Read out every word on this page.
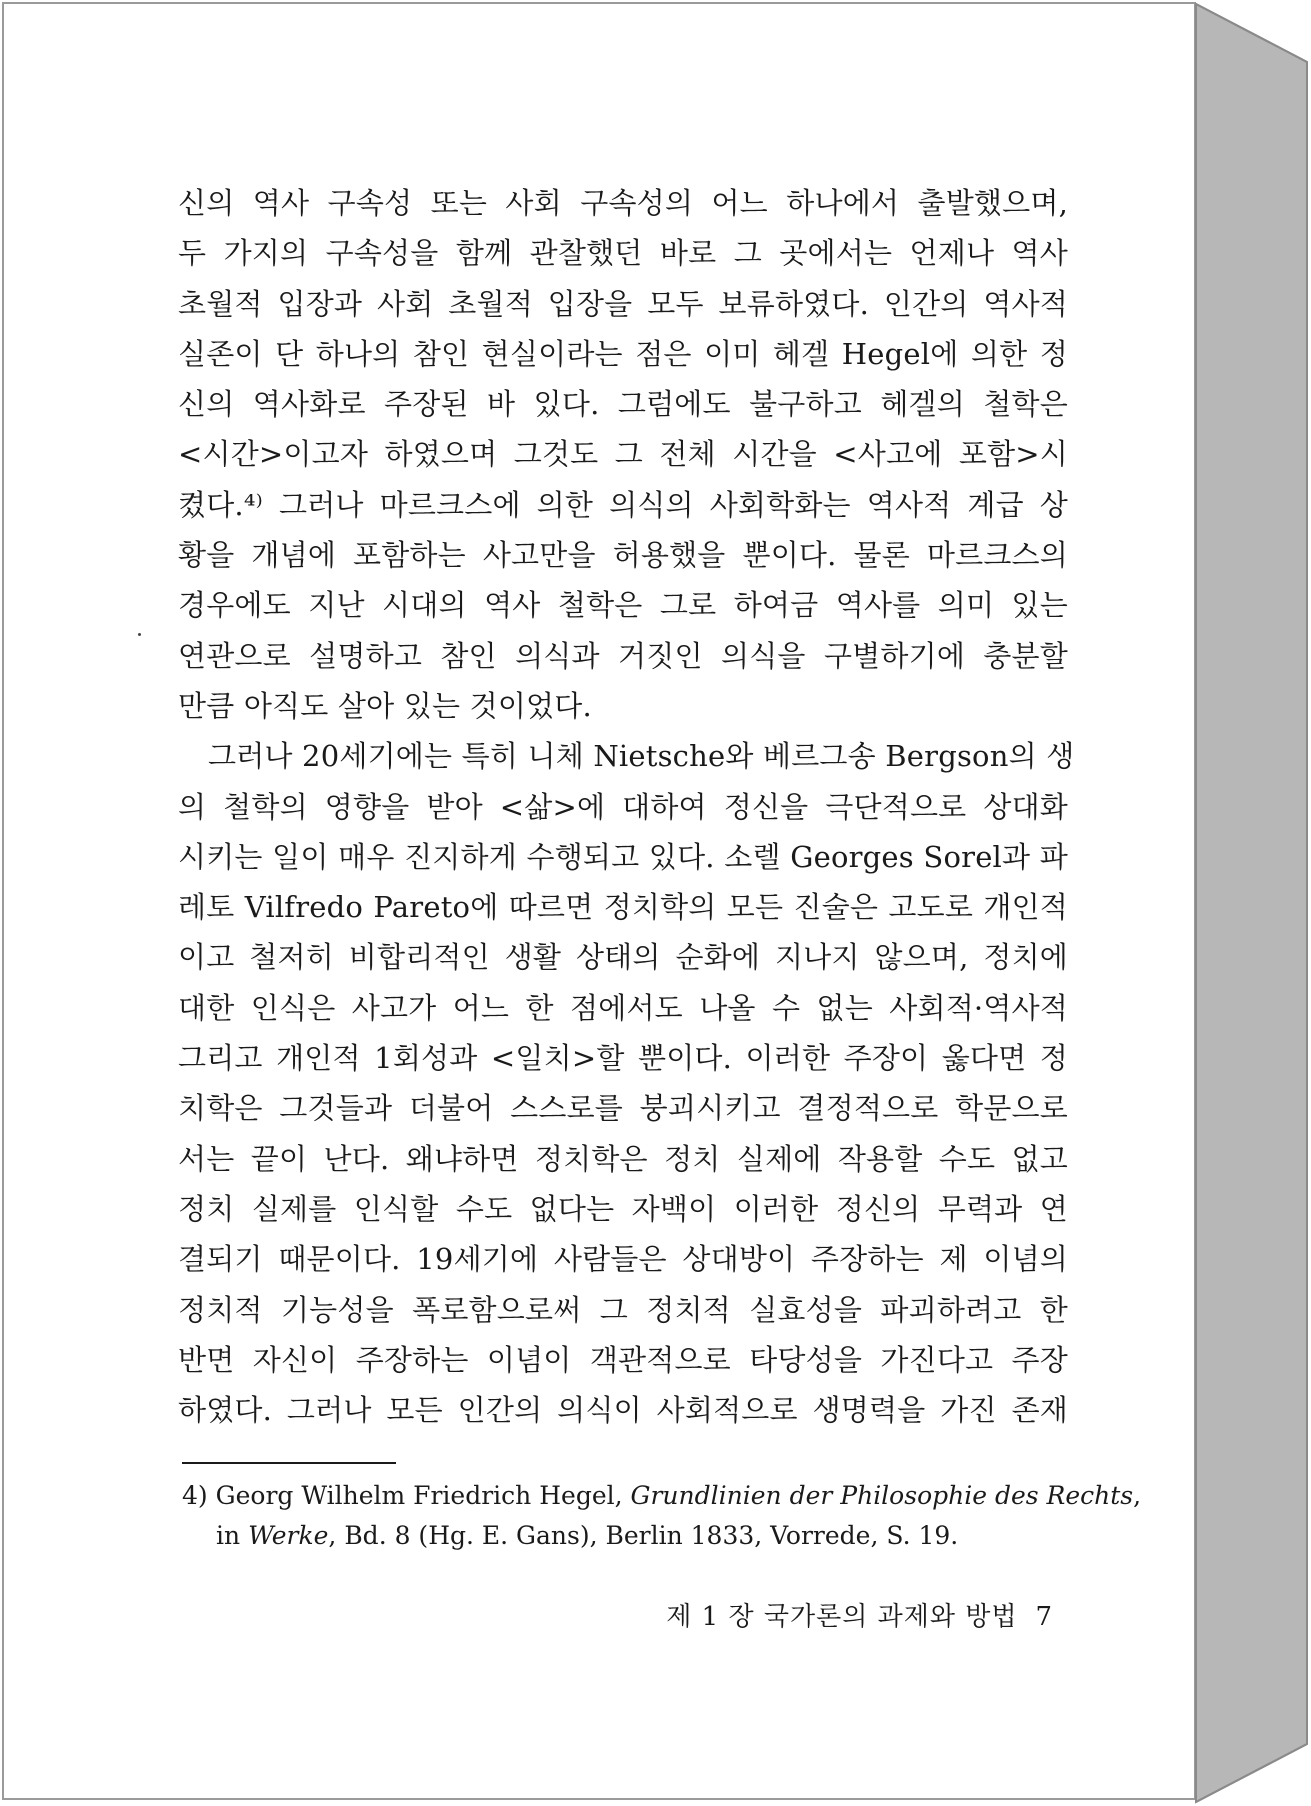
신의 역사 구속성 또는 사회 구속성의 어느 하나에서 출발했으며,
두 가지의 구속성을 함께 관찰했던 바로 그 곳에서는 언제나 역사
초월적 입장과 사회 초월적 입장을 모두 보류하였다. 인간의 역사적
실존이 단 하나의 참인 현실이라는 점은 이미 헤겔 Hegel에 의한 정
신의 역사화로 주장된 바 있다. 그럼에도 불구하고 헤겔의 철학은
<시간>이고자 하였으며 그것도 그 전체 시간을 <사고에 포함>시
켰다.⁴⁾ 그러나 마르크스에 의한 의식의 사회학화는 역사적 계급 상
황을 개념에 포함하는 사고만을 허용했을 뿐이다. 물론 마르크스의
경우에도 지난 시대의 역사 철학은 그로 하여금 역사를 의미 있는
연관으로 설명하고 참인 의식과 거짓인 의식을 구별하기에 충분할
만큼 아직도 살아 있는 것이었다.
그러나 20세기에는 특히 니체 Nietsche와 베르그송 Bergson의 생
의 철학의 영향을 받아 <삶>에 대하여 정신을 극단적으로 상대화
시키는 일이 매우 진지하게 수행되고 있다. 소렐 Georges Sorel과 파
레토 Vilfredo Pareto에 따르면 정치학의 모든 진술은 고도로 개인적
이고 철저히 비합리적인 생활 상태의 순화에 지나지 않으며, 정치에
대한 인식은 사고가 어느 한 점에서도 나올 수 없는 사회적·역사적
그리고 개인적 1회성과 <일치>할 뿐이다. 이러한 주장이 옳다면 정
치학은 그것들과 더불어 스스로를 붕괴시키고 결정적으로 학문으로
서는 끝이 난다. 왜냐하면 정치학은 정치 실제에 작용할 수도 없고
정치 실제를 인식할 수도 없다는 자백이 이러한 정신의 무력과 연
결되기 때문이다. 19세기에 사람들은 상대방이 주장하는 제 이념의
정치적 기능성을 폭로함으로써 그 정치적 실효성을 파괴하려고 한
반면 자신이 주장하는 이념이 객관적으로 타당성을 가진다고 주장
하였다. 그러나 모든 인간의 의식이 사회적으로 생명력을 가진 존재
4) Georg Wilhelm Friedrich Hegel, Grundlinien der Philosophie des Rechts,
in Werke, Bd. 8 (Hg. E. Gans), Berlin 1833, Vorrede, S. 19.
제 1 장 국가론의 과제와 방법 7
